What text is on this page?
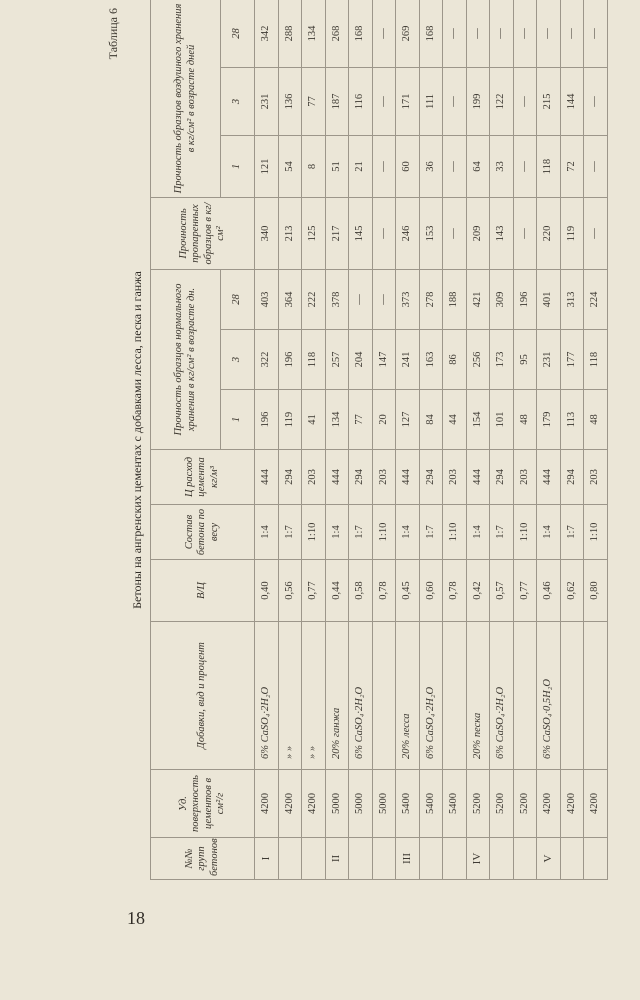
18
Таблица 6
Бетоны на ангренских цементах с добавками лесса, песка и ганжа
№№ групп бетонов	Уд. поверхность цементов в см²/г	Добавки, вид и процент	В/Ц	Состав бетона по весу	Ц расход цемента кг/м³	Прочность образцов нормального хранения в кг/см² в возрасте дн.			Прочность пропаренных образцов в кг/см²	Прочность образцов воздушного хранения в кг/см² в возрасте дней		
						1	3	28		1	3	28
I	4200	6% CaSO₄·2H₂O	0,40	1:4	444	196	322	403	340	121	231	342
	4200	» »	0,56	1:7	294	119	196	364	213	54	136	288
	4200	» »	0,77	1:10	203	41	118	222	125	8	77	134
II	5000	20% ганжа	0,44	1:4	444	134	257	378	217	51	187	268
	5000	6% CaSO₄·2H₂O	0,58	1:7	294	77	204	—	145	21	116	168
	5000		0,78	1:10	203	20	147	—	—	—	—	—
III	5400	20% лесса	0,45	1:4	444	127	241	373	246	60	171	269
	5400	6% CaSO₄·2H₂O	0,60	1:7	294	84	163	278	153	36	111	168
	5400		0,78	1:10	203	44	86	188	—	—	—	—
IV	5200	20% песка	0,42	1:4	444	154	256	421	209	64	199	—
	5200	6% CaSO₄·2H₂O	0,57	1:7	294	101	173	309	143	33	122	—
	5200		0,77	1:10	203	48	95	196	—	—	—	—
V	4200	6% CaSO₄·0,5H₂O	0,46	1:4	444	179	231	401	220	118	215	—
	4200		0,62	1:7	294	113	177	313	119	72	144	—
	4200		0,80	1:10	203	48	118	224	—	—	—	—
